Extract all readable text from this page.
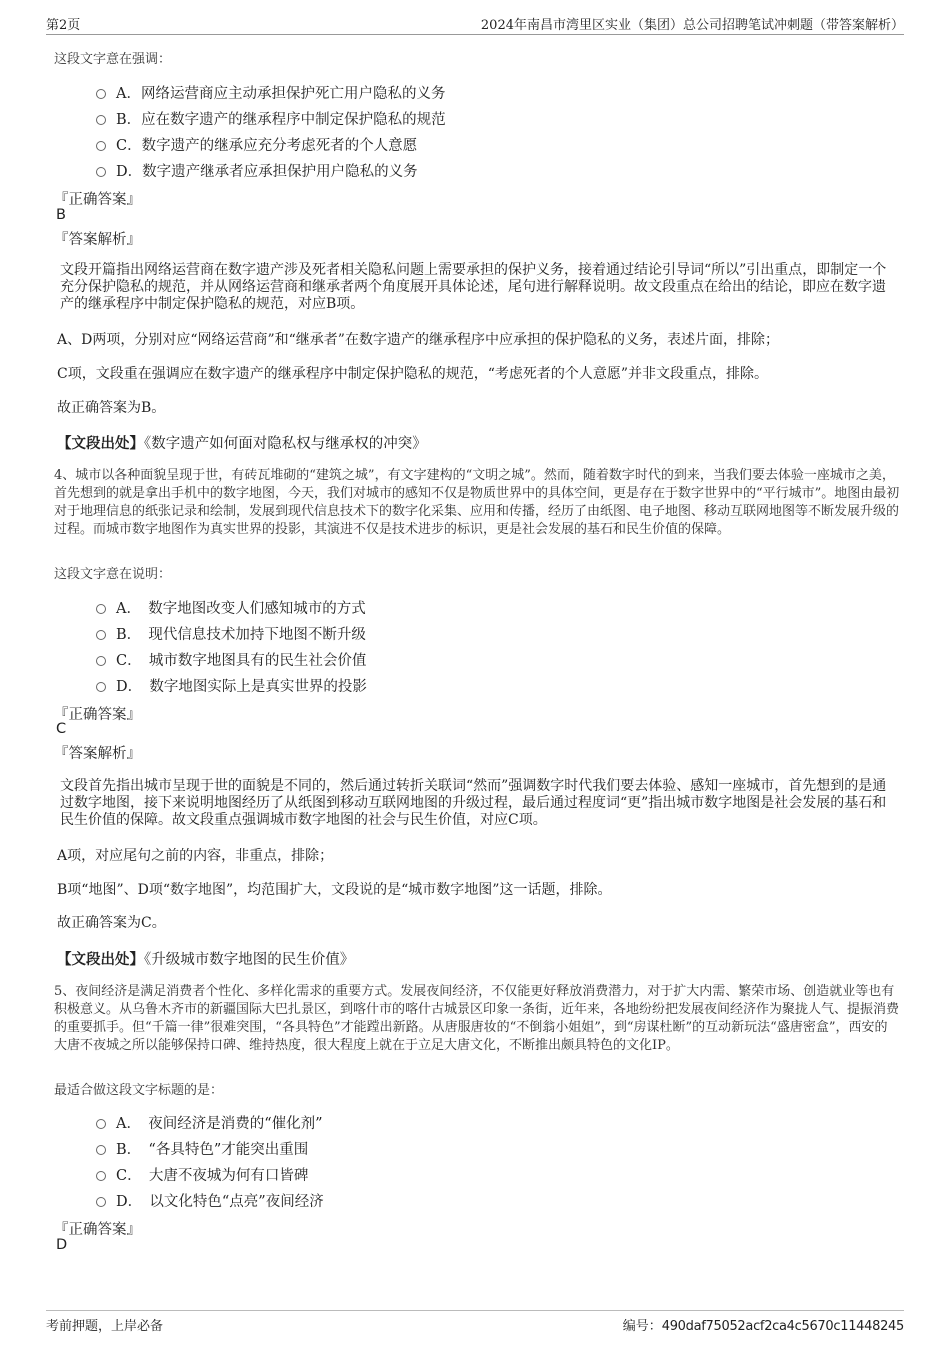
第2页	2024年南昌市湾里区实业（集团）总公司招聘笔试冲刺题（带答案解析）
这段文字意在强调：
A．网络运营商应主动承担保护死亡用户隐私的义务
B．应在数字遗产的继承程序中制定保护隐私的规范
C．数字遗产的继承应充分考虑死者的个人意愿
D．数字遗产继承者应承担保护用户隐私的义务
『正确答案』
B
『答案解析』
文段开篇指出网络运营商在数字遗产涉及死者相关隐私问题上需要承担的保护义务，接着通过结论引导词“所以”引出重点，即制定一个充分保护隐私的规范，并从网络运营商和继承者两个角度展开具体论述，尾句进行解释说明。故文段重点在给出的结论，即应在数字遗产的继承程序中制定保护隐私的规范，对应B项。
A、D两项，分别对应“网络运营商”和“继承者”在数字遗产的继承程序中应承担的保护隐私的义务，表述片面，排除；
C项，文段重在强调应在数字遗产的继承程序中制定保护隐私的规范，“考虑死者的个人意愿”并非文段重点，排除。
故正确答案为B。
【文段出处】《数字遗产如何面对隐私权与继承权的冲突》
4、城市以各种面貌呈现于世，有砖瓦堆砌的“建筑之城”，有文字建构的“文明之城”。然而，随着数字时代的到来，当我们要去体验一座城市之美，首先想到的就是拿出手机中的数字地图，今天，我们对城市的感知不仅是物质世界中的具体空间，更是存在于数字世界中的“平行城市”。地图由最初对于地理信息的纸张记录和绘制，发展到现代信息技术下的数字化采集、应用和传播，经历了由纸图、电子地图、移动互联网地图等不断发展升级的过程。而城市数字地图作为真实世界的投影，其演进不仅是技术进步的标识，更是社会发展的基石和民生价值的保障。
这段文字意在说明：
A．　数字地图改变人们感知城市的方式
B．　现代信息技术加持下地图不断升级
C．　城市数字地图具有的民生社会价值
D．　数字地图实际上是真实世界的投影
『正确答案』
C
『答案解析』
文段首先指出城市呈现于世的面貌是不同的，然后通过转折关联词“然而”强调数字时代我们要去体验、感知一座城市，首先想到的是通过数字地图，接下来说明地图经历了从纸图到移动互联网地图的升级过程，最后通过程度词“更”指出城市数字地图是社会发展的基石和民生价值的保障。故文段重点强调城市数字地图的社会与民生价值，对应C项。
A项，对应尾句之前的内容，非重点，排除；
B项“地图”、D项“数字地图”，均范围扩大，文段说的是“城市数字地图”这一话题，排除。
故正确答案为C。
【文段出处】《升级城市数字地图的民生价值》
5、夜间经济是满足消费者个性化、多样化需求的重要方式。发展夜间经济，不仅能更好释放消费潜力，对于扩大内需、繁荣市场、创造就业等也有积极意义。从乌鲁木齐市的新疆国际大巴扎景区，到喀什市的喀什古城景区印象一条街，近年来，各地纷纷把发展夜间经济作为聚拢人气、提振消费的重要抓手。但“千篇一律”很难突围，“各具特色”才能蹚出新路。从唐服唐妆的“不倒翁小姐姐”，到“房谋杜断”的互动新玩法“盛唐密盒”，西安的大唐不夜城之所以能够保持口碑、维持热度，很大程度上就在于立足大唐文化，不断推出颇具特色的文化IP。
最适合做这段文字标题的是：
A．　夜间经济是消费的“催化剂”
B．　“各具特色”才能突出重围
C．　大唐不夜城为何有口皆碑
D．　以文化特色“点亮”夜间经济
『正确答案』
D
考前押题，上岸必备	编号：490daf75052acf2ca4c5670c11448245
